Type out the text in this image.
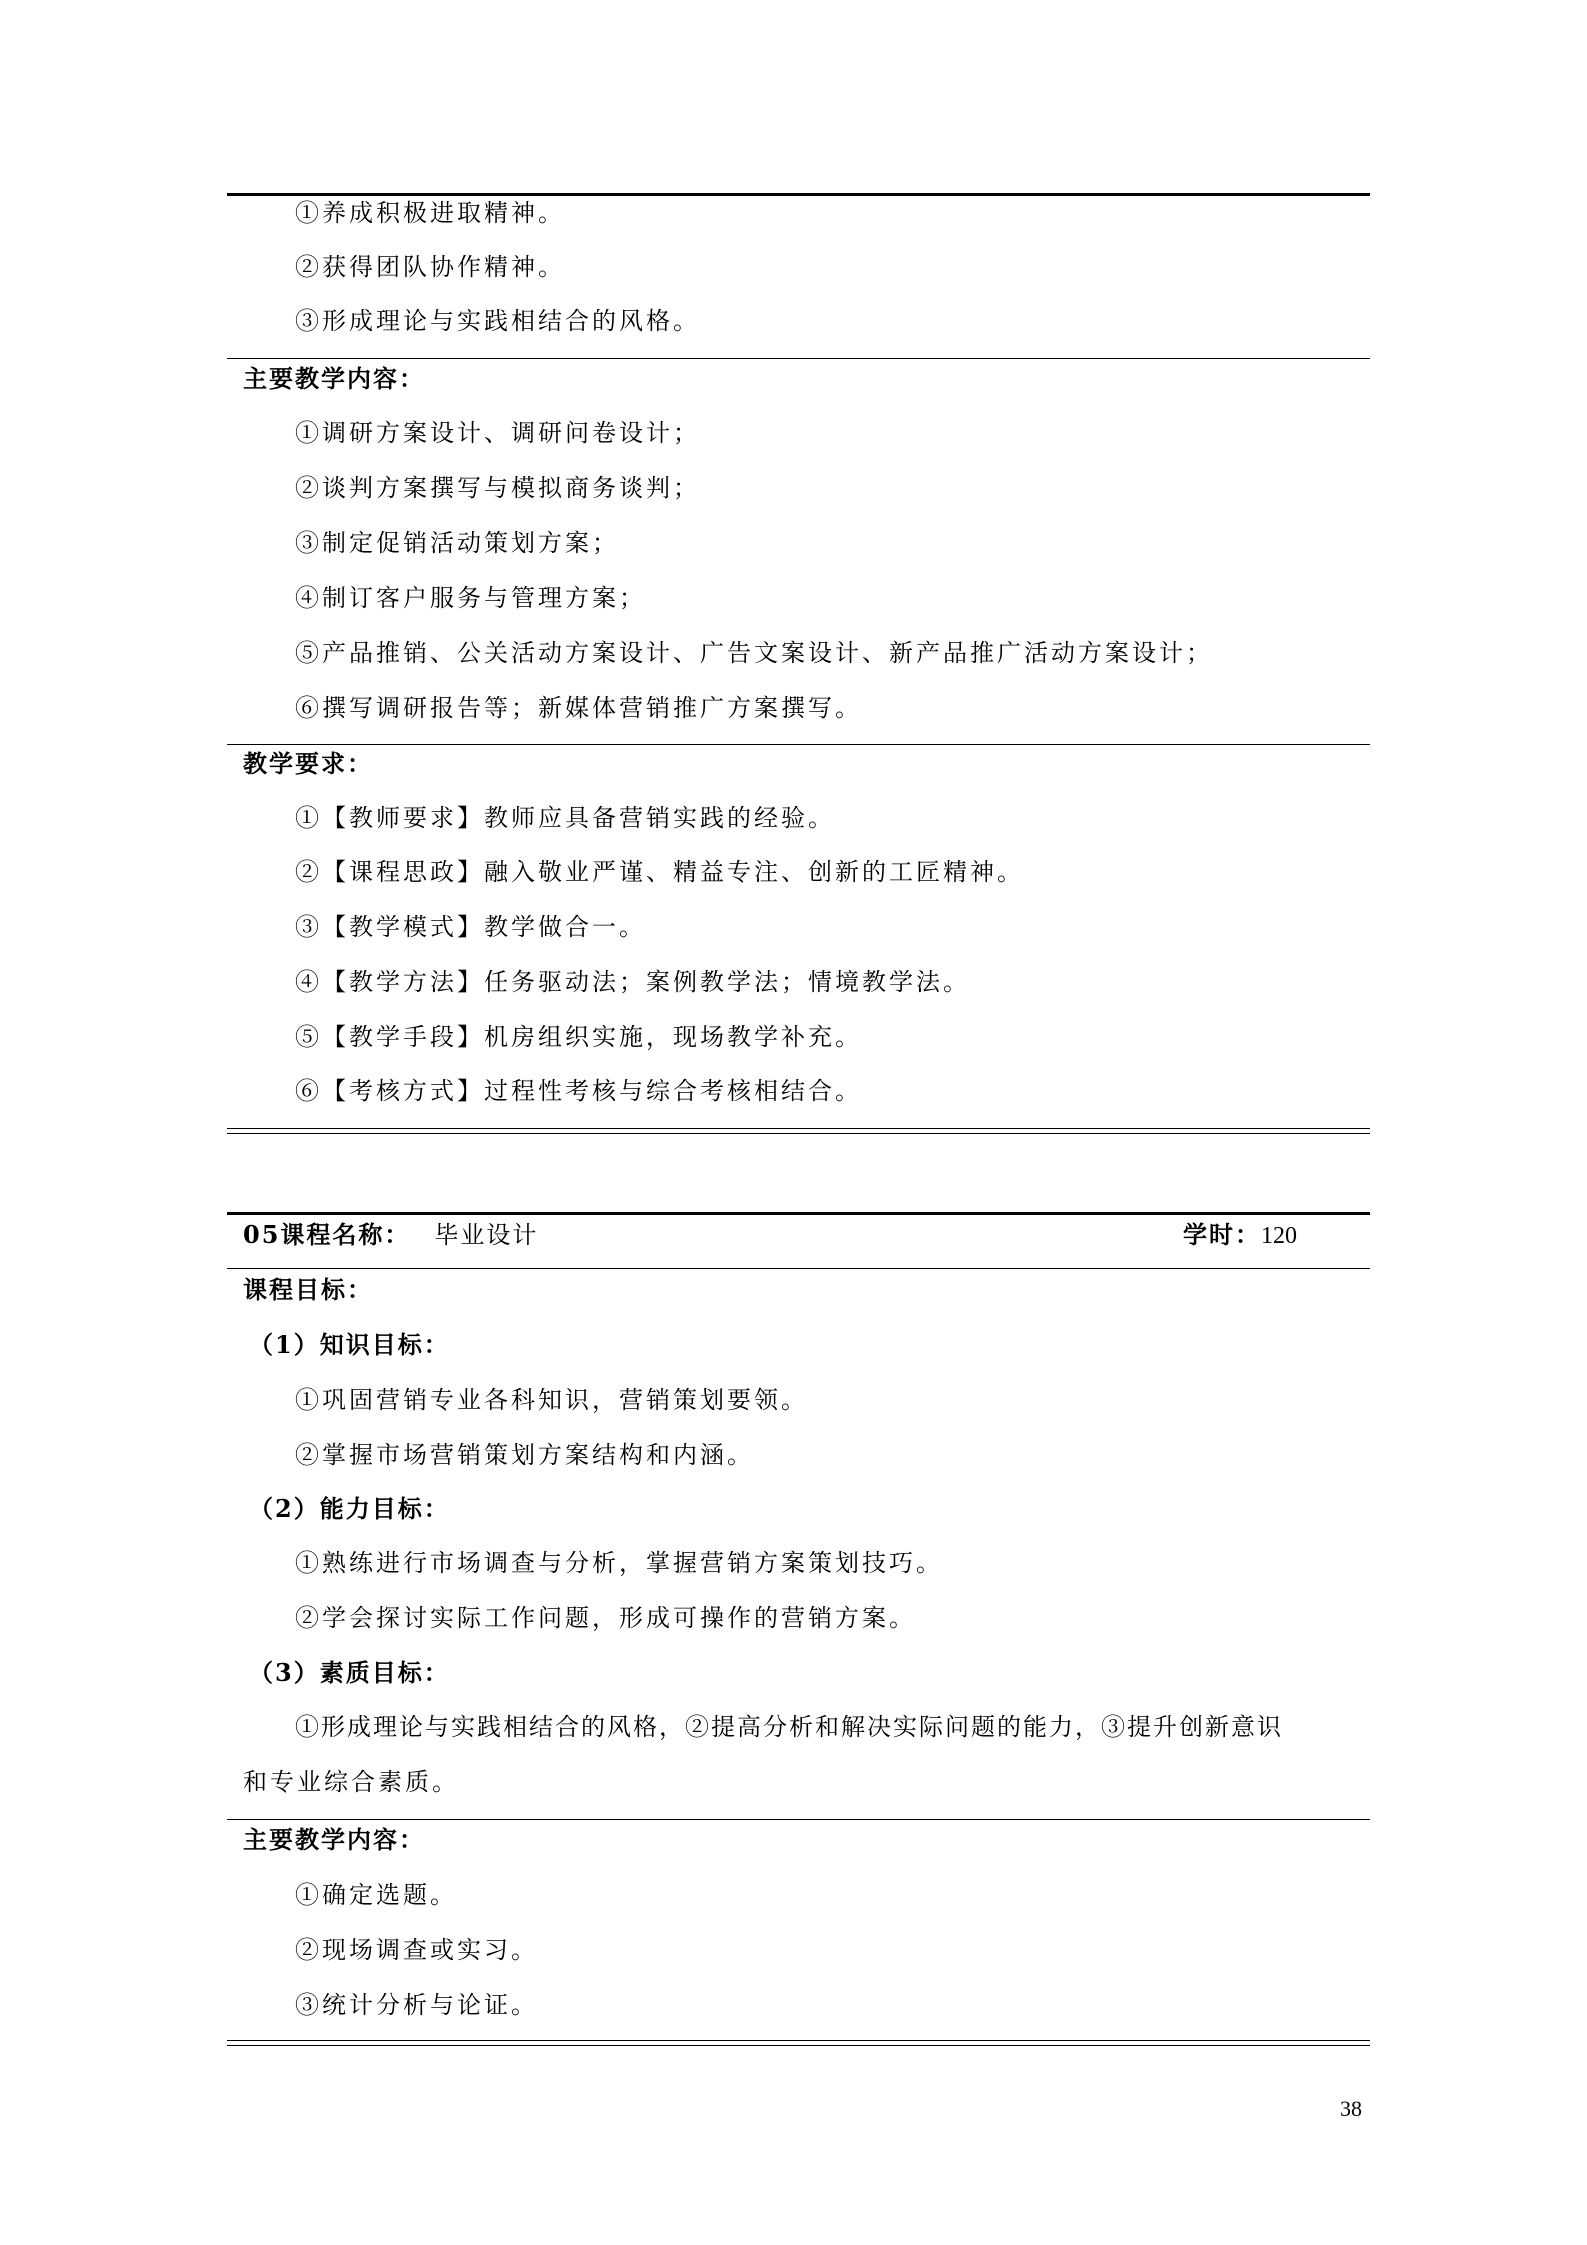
①养成积极进取精神。
②获得团队协作精神。
③形成理论与实践相结合的风格。
主要教学内容：
①调研方案设计、调研问卷设计；
②谈判方案撰写与模拟商务谈判；
③制定促销活动策划方案；
④制订客户服务与管理方案；
⑤产品推销、公关活动方案设计、广告文案设计、新产品推广活动方案设计；
⑥撰写调研报告等；新媒体营销推广方案撰写。
教学要求：
①【教师要求】教师应具备营销实践的经验。
②【课程思政】融入敬业严谨、精益专注、创新的工匠精神。
③【教学模式】教学做合一。
④【教学方法】任务驱动法；案例教学法；情境教学法。
⑤【教学手段】机房组织实施，现场教学补充。
⑥【考核方式】过程性考核与综合考核相结合。
05课程名称： 毕业设计	学时：120
课程目标：
（1）知识目标：
①巩固营销专业各科知识，营销策划要领。
②掌握市场营销策划方案结构和内涵。
（2）能力目标：
①熟练进行市场调查与分析，掌握营销方案策划技巧。
②学会探讨实际工作问题，形成可操作的营销方案。
（3）素质目标：
①形成理论与实践相结合的风格，②提高分析和解决实际问题的能力，③提升创新意识
和专业综合素质。
主要教学内容：
①确定选题。
②现场调查或实习。
③统计分析与论证。
38
